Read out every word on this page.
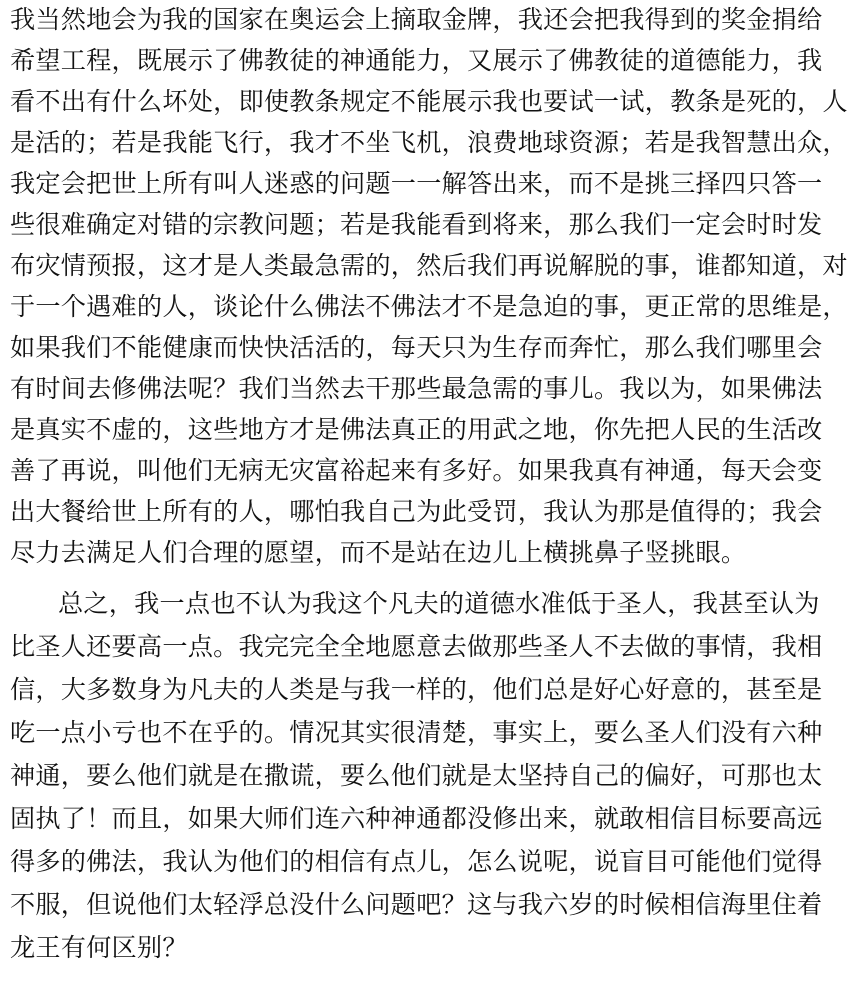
我当然地会为我的国家在奥运会上摘取金牌，我还会把我得到的奖金捐给
希望工程，既展示了佛教徒的神通能力，又展示了佛教徒的道德能力，我
看不出有什么坏处，即使教条规定不能展示我也要试一试，教条是死的，人
是活的；若是我能飞行，我才不坐飞机，浪费地球资源；若是我智慧出众，
我定会把世上所有叫人迷惑的问题一一解答出来，而不是挑三择四只答一
些很难确定对错的宗教问题；若是我能看到将来，那么我们一定会时时发
布灾情预报，这才是人类最急需的，然后我们再说解脱的事，谁都知道，对
于一个遇难的人，谈论什么佛法不佛法才不是急迫的事，更正常的思维是，
如果我们不能健康而快快活活的，每天只为生存而奔忙，那么我们哪里会
有时间去修佛法呢？我们当然去干那些最急需的事儿。我以为，如果佛法
是真实不虚的，这些地方才是佛法真正的用武之地，你先把人民的生活改
善了再说，叫他们无病无灾富裕起来有多好。如果我真有神通，每天会变
出大餐给世上所有的人，哪怕我自己为此受罚，我认为那是值得的；我会
尽力去满足人们合理的愿望，而不是站在边儿上横挑鼻子竖挑眼。
总之，我一点也不认为我这个凡夫的道德水准低于圣人，我甚至认为
比圣人还要高一点。我完完全全地愿意去做那些圣人不去做的事情，我相
信，大多数身为凡夫的人类是与我一样的，他们总是好心好意的，甚至是
吃一点小亏也不在乎的。情况其实很清楚，事实上，要么圣人们没有六种
神通，要么他们就是在撒谎，要么他们就是太坚持自己的偏好，可那也太
固执了！而且，如果大师们连六种神通都没修出来，就敢相信目标要高远
得多的佛法，我认为他们的相信有点儿，怎么说呢，说盲目可能他们觉得
不服，但说他们太轻浮总没什么问题吧？这与我六岁的时候相信海里住着
龙王有何区别？
